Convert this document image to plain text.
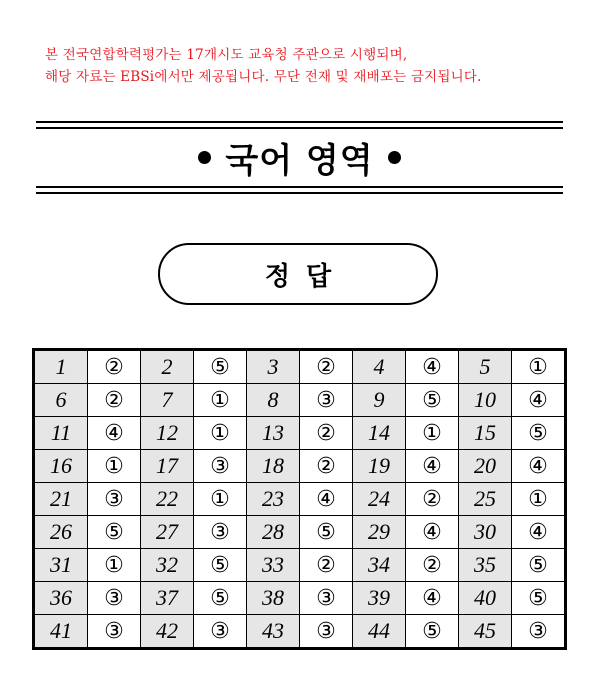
본 전국연합학력평가는 17개시도 교육청 주관으로 시행되며,
해당 자료는 EBSi에서만 제공됩니다. 무단 전재 및 재배포는 금지됩니다.
국어 영역
정답
1	②	2	⑤	3	②	4	④	5	①
6	②	7	①	8	③	9	⑤	10	④
11	④	12	①	13	②	14	①	15	⑤
16	①	17	③	18	②	19	④	20	④
21	③	22	①	23	④	24	②	25	①
26	⑤	27	③	28	⑤	29	④	30	④
31	①	32	⑤	33	②	34	②	35	⑤
36	③	37	⑤	38	③	39	④	40	⑤
41	③	42	③	43	③	44	⑤	45	③
